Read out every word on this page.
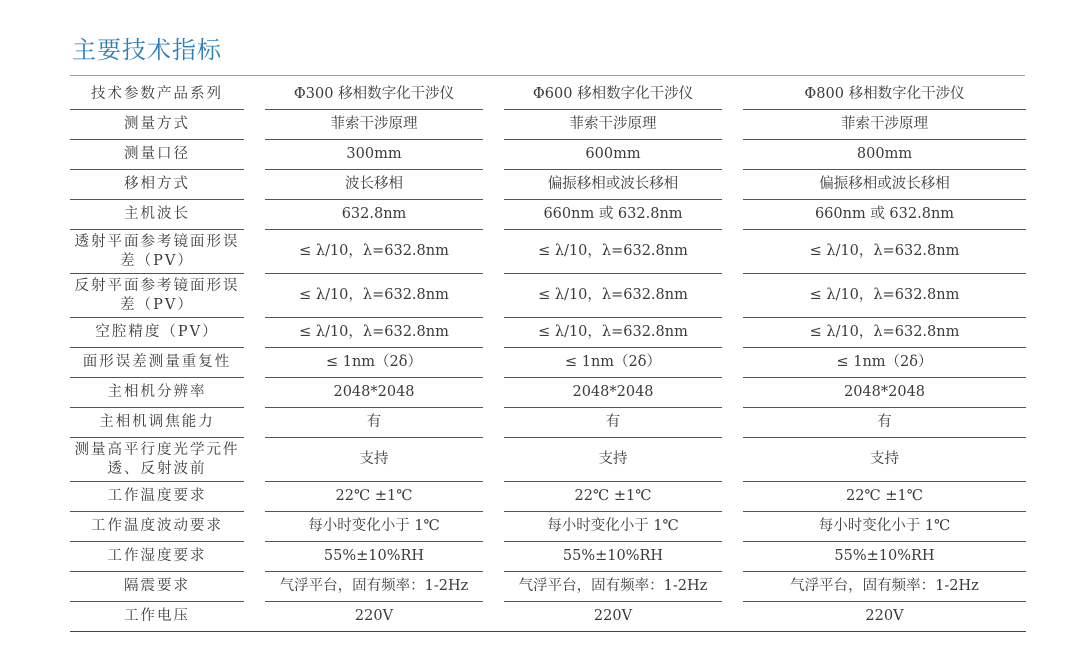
主要技术指标
技术参数产品系列		Φ300 移相数字化干涉仪		Φ600 移相数字化干涉仪		Φ800 移相数字化干涉仪
测量方式		菲索干涉原理		菲索干涉原理		菲索干涉原理
测量口径		300mm		600mm		800mm
移相方式		波长移相		偏振移相或波长移相		偏振移相或波长移相
主机波长		632.8nm		660nm 或 632.8nm		660nm 或 632.8nm
透射平面参考镜面形误差（PV）		≤ λ/10，λ=632.8nm		≤ λ/10，λ=632.8nm		≤ λ/10，λ=632.8nm
反射平面参考镜面形误差（PV）		≤ λ/10，λ=632.8nm		≤ λ/10，λ=632.8nm		≤ λ/10，λ=632.8nm
空腔精度（PV）		≤ λ/10，λ=632.8nm		≤ λ/10，λ=632.8nm		≤ λ/10，λ=632.8nm
面形误差测量重复性		≤ 1nm（2δ）		≤ 1nm（2δ）		≤ 1nm（2δ）
主相机分辨率		2048*2048		2048*2048		2048*2048
主相机调焦能力		有		有		有
测量高平行度光学元件透、反射波前		支持		支持		支持
工作温度要求		22℃ ±1℃		22℃ ±1℃		22℃ ±1℃
工作温度波动要求		每小时变化小于 1℃		每小时变化小于 1℃		每小时变化小于 1℃
工作湿度要求		55%±10%RH		55%±10%RH		55%±10%RH
隔震要求		气浮平台，固有频率：1-2Hz		气浮平台，固有频率：1-2Hz		气浮平台，固有频率：1-2Hz
工作电压		220V		220V		220V
